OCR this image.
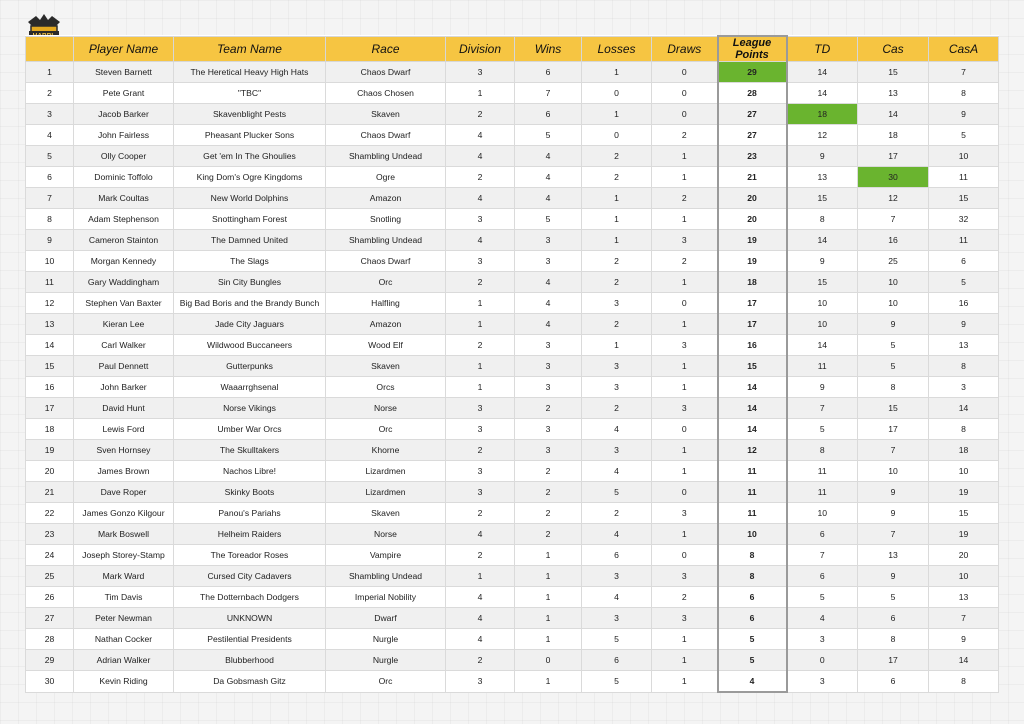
	Player Name	Team Name	Race	Division	Wins	Losses	Draws	League Points	TD	Cas	CasA
1	Steven Barnett	The Heretical Heavy High Hats	Chaos Dwarf	3	6	1	0	29	14	15	7
2	Pete Grant	"TBC"	Chaos Chosen	1	7	0	0	28	14	13	8
3	Jacob Barker	Skavenblight Pests	Skaven	2	6	1	0	27	18	14	9
4	John Fairless	Pheasant Plucker Sons	Chaos Dwarf	4	5	0	2	27	12	18	5
5	Olly Cooper	Get 'em In The Ghoulies	Shambling Undead	4	4	2	1	23	9	17	10
6	Dominic Toffolo	King Dom's Ogre Kingdoms	Ogre	2	4	2	1	21	13	30	11
7	Mark Coultas	New World Dolphins	Amazon	4	4	1	2	20	15	12	15
8	Adam Stephenson	Snottingham Forest	Snotling	3	5	1	1	20	8	7	32
9	Cameron Stainton	The Damned United	Shambling Undead	4	3	1	3	19	14	16	11
10	Morgan Kennedy	The Slags	Chaos Dwarf	3	3	2	2	19	9	25	6
11	Gary Waddingham	Sin City Bungles	Orc	2	4	2	1	18	15	10	5
12	Stephen Van Baxter	Big Bad Boris and the Brandy Bunch	Halfling	1	4	3	0	17	10	10	16
13	Kieran Lee	Jade City Jaguars	Amazon	1	4	2	1	17	10	9	9
14	Carl Walker	Wildwood Buccaneers	Wood Elf	2	3	1	3	16	14	5	13
15	Paul Dennett	Gutterpunks	Skaven	1	3	3	1	15	11	5	8
16	John Barker	Waaarrghsenal	Orcs	1	3	3	1	14	9	8	3
17	David Hunt	Norse Vikings	Norse	3	2	2	3	14	7	15	14
18	Lewis Ford	Umber War Orcs	Orc	3	3	4	0	14	5	17	8
19	Sven Hornsey	The Skulltakers	Khorne	2	3	3	1	12	8	7	18
20	James Brown	Nachos Libre!	Lizardmen	3	2	4	1	11	11	10	10
21	Dave Roper	Skinky Boots	Lizardmen	3	2	5	0	11	11	9	19
22	James Gonzo Kilgour	Panou's Pariahs	Skaven	2	2	2	3	11	10	9	15
23	Mark Boswell	Helheim Raiders	Norse	4	2	4	1	10	6	7	19
24	Joseph Storey-Stamp	The Toreador Roses	Vampire	2	1	6	0	8	7	13	20
25	Mark Ward	Cursed City Cadavers	Shambling Undead	1	1	3	3	8	6	9	10
26	Tim Davis	The Dotternbach Dodgers	Imperial Nobility	4	1	4	2	6	5	5	13
27	Peter Newman	UNKNOWN	Dwarf	4	1	3	3	6	4	6	7
28	Nathan Cocker	Pestilential Presidents	Nurgle	4	1	5	1	5	3	8	9
29	Adrian Walker	Blubberhood	Nurgle	2	0	6	1	5	0	17	14
30	Kevin Riding	Da Gobsmash Gitz	Orc	3	1	5	1	4	3	6	8
